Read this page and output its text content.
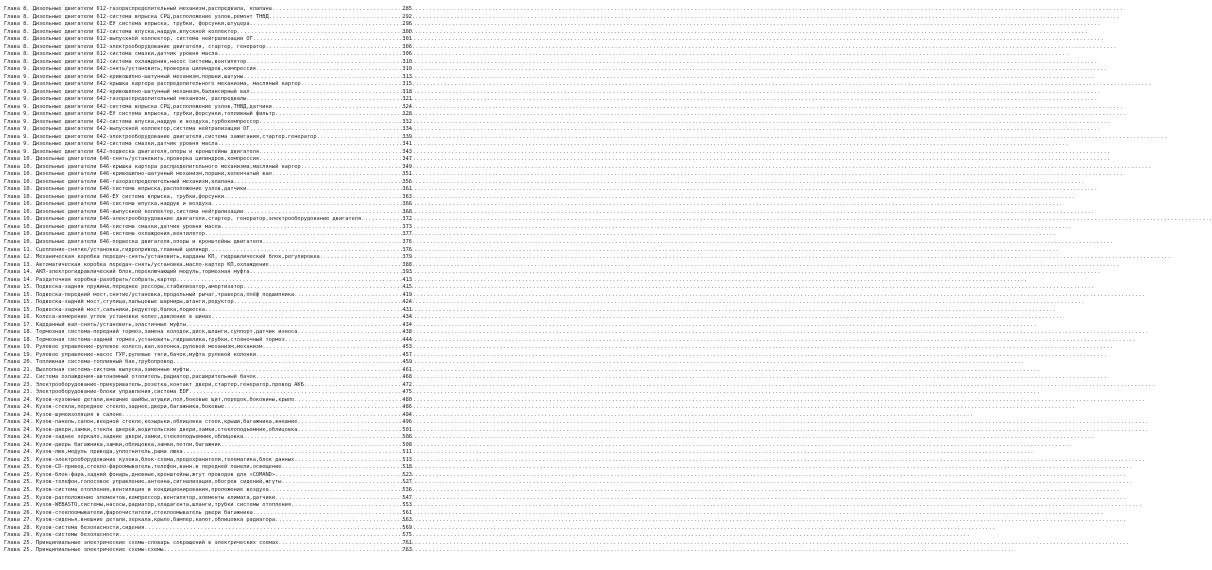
Глава 8. Дизельные двигатели 612-газораспределительный механизм,распредвала, клапана .....	285
Глава 8. Дизельные двигатели 612-система впрыска СРЦ,расположение узлов,ремонт ТНВД .....	292
Глава 8. Дизельные двигатели 612-ЕУ система впрыска, трубки, форсунки,штуцера .....	296
Глава 8. Дизельные двигатели 612-система впуска,наддув,впускной коллектор .....	300
Глава 8. Дизельные двигатели 612-выпускной коллектор, система нейтрализации ОГ .....	301
Глава 8. Дизельные двигатели 612-электрооборудование двигателя, стартер, генератор .....	306
Глава 8. Дизельные двигатели 612-система смазки,датчик уровня масла .....	306
Глава 8. Дизельные двигатели 612-система охлаждения,насос системы,вентилятор .....	310
Глава 9. Дизельные двигатели 642-снять/установить,проверка цилиндров,компрессия .....	310
Глава 9. Дизельные двигатели 642-кривошипно-шатунный механизм,поршни,шатуны .....	313
Глава 9. Дизельные двигатели 642-крышка картера распределительного механизма, масляный картер .....	315
Глава 9. Дизельные двигатели 642-кривошипно-шатунный механизм,балансирный вал .....	318
Глава 9. Дизельные двигатели 642-газораспределительный механизм, распредвалы .....	321
Глава 9. Дизельные двигатели 642-система впрыска СРЦ,расположение узлов,ТНВД,датчики .....	324
Глава 9. Дизельные двигатели 642-ЕУ система впрыска, трубки,форсунки,топливный фильтр .....	328
Глава 9. Дизельные двигатели 642-система впуска,наддув и воздуха,турбокомпрессор .....	332
Глава 9. Дизельные двигатели 642-выпускной коллектор,система нейтрализации ОГ .....	334
Глава 9. Дизельные двигатели 642-электрооборудование двигателя,система зажигания,стартер,генератор .....	339
Глава 9. Дизельные двигатели 642-система смазки,датчик уровня масла .....	341
Глава 9. Дизельные двигатели 642-подвеска двигателя,опоры и кронштейны двигателя .....	343
Глава 10. Дизельные двигатели 646-снять/установить,проверка цилиндров,компрессия .....	347
Глава 10. Дизельные двигатели 646-крышка картера распределительного механизма,масляный картер .....	349
Глава 10. Дизельные двигатели 646-кривошипно-шатунный механизм,поршни,коленчатый вал .....	351
Глава 10. Дизельные двигатели 646-газораспределительный механизм,клапана .....	356
Глава 10. Дизельные двигатели 646-система впрыска,расположение узлов,датчики .....	361
Глава 10. Дизельные двигатели 646-ЕУ система впрыска, трубки,форсунки .....	363
Глава 10. Дизельные двигатели 646-система впуска,наддув и воздуха .....	366
Глава 10. Дизельные двигатели 646-выпускной коллектор,система нейтрализации .....	368
Глава 10. Дизельные двигатели 646-электрооборудование двигателя,стартер, генератор,электрооборудование двигателя .....	372
Глава 10. Дизельные двигатели 646-система смазки,датчик уровня масла .....	373
Глава 10. Дизельные двигатели 646-система охлаждения,вентилятор .....	377
Глава 10. Дизельные двигатели 646-подвеска двигателя,опоры и кронштейны двигателя .....	376
Глава 11. Сцепление-снятие/установка,гидропривод,главный цилиндр .....	376
Глава 12. Механическая коробка передач-снять/установить,карданы КП, гидравлический блок,регулировка .....	379
Глава 13. Автоматическая коробка передач-снять/установка,масло-картер КП,охлаждение .....	388
Глава 14. АКП-электрогидравлический блок,переключающий модуль,тормозная муфта .....	393
Глава 14. Раздаточная коробка-разобрать/собрать,картер .....	413
Глава 15. Подвеска-задняя пружина,переднее рессоры,стабилизатор,амортизатор .....	415
Глава 15. Подвеска-передний мост,снятие/установка,продольный рычаг,траверса,плёф подшипника .....	419
Глава 15. Подвеска-задний мост,ступица,пальцевые шарниры,штанги,редуктор .....	424
Глава 15. Подвеска-задний мост,сальники,редуктор,балка,подвеска .....	431
Глава 16. Колеса-измерение углов установки колес,давление в шинах .....	434
Глава 17. Карданный вал-снять/установить,эластичные муфты .....	434
Глава 18. Тормозная система-передний тормоз,замена колодок,диск,шланги,суппорт,датчик износа .....	438
Глава 18. Тормозная система-задний тормоз,установить,гидравлика,трубки,стояночный тормоз .....	444
Глава 19. Рулевое управление-рулевое колесо,вал,колонка,рулевой механизм,механизм .....	453
Глава 19. Рулевое управление-насос ГУР,рулевые тяги,бачок,муфта рулевой колонки .....	457
Глава 20. Топливная система-топливный бак,трубопровод .....	459
Глава 21. Выхлопная система-система выпуска,заменные муфты .....	461
Глава 22. Система охлаждения-автономный отопитель,радиатор,расширительный бачок .....	468
Глава 23. Электрооборудование-прикуриватель,розетка,контакт двери,стартер,генератор,провод АКБ .....	472
Глава 23. Электрооборудование-блоки управления,система EDF .....	475
Глава 24. Кузов-кузовные детали,внешние шайбы,атущки,пол,боковые щит,передок,боковины,крыло .....	480
Глава 24. Кузов-стекла,переднее стекло,заднее,двери,багажника,боковые .....	486
Глава 24. Кузов-шумоизоляция в салоне .....	494
Глава 24. Кузов-панель,салон,веедной стекле,козырьки,облицовка стоек,крыши,багажника,внешние .....	496
Глава 24. Кузов-двери,замки,стекла дверей,водительские двери,замки,стеклоподъемник,облицовка .....	501
Глава 24. Кузов-заднее зеркало,задние двери,замки,стеклоподъемник,облицовка .....	506
Глава 24. Кузов-дверь багажника,замки,облицовка,замки,петли,багажник .....	508
Глава 24. Кузов-люк,модуль привода,уплотнитель,рама люка .....	511
Глава 25. Кузов-электрооборудование кузова,блок-схема,предохранители,телематика,блок данных .....	513
Глава 25. Кузов-CD-привод,стекло-фароомыватель,телефон,ванн.в передней панели,освещение .....	518
Глава 25. Кузов-блок-фара,задний фонарь,дневные,кронштейны,жгут проводов для «COMAND» .....	523
Глава 25. Кузов-телефон,голосовое управление,антенна,сигнализация,обогрев сидений,жгуты .....	527
Глава 25. Кузов-система отопления,вентиляция и кондиционирования,проложение воздуха .....	536
Глава 25. Кузов-расположение элементов,компрессор,вентилятор,элементы климата,датчики .....	547
Глава 25. Кузов-WEBASTO,системы,насосы,радиатор,хладагента,шланги,трубки системы отопления .....	553
Глава 26. Кузов-стеклоомыватели,фароочистители,стеклоомыватель двери багажника .....	561
Глава 27. Кузов-сиденья,внешние детали,зеркала,крыло,бампер,капот,облицовка радиатора .....	563
Глава 28. Кузов-система безопасности,сидения .....	569
Глава 29. Кузов-системы безопасности .....	575
Глава 25. Принципиальные электрические схемы-словарь сокращений в электрических схемах .....	761
Глава 25. Принципиальные электрические схемы-схемы .....	763
